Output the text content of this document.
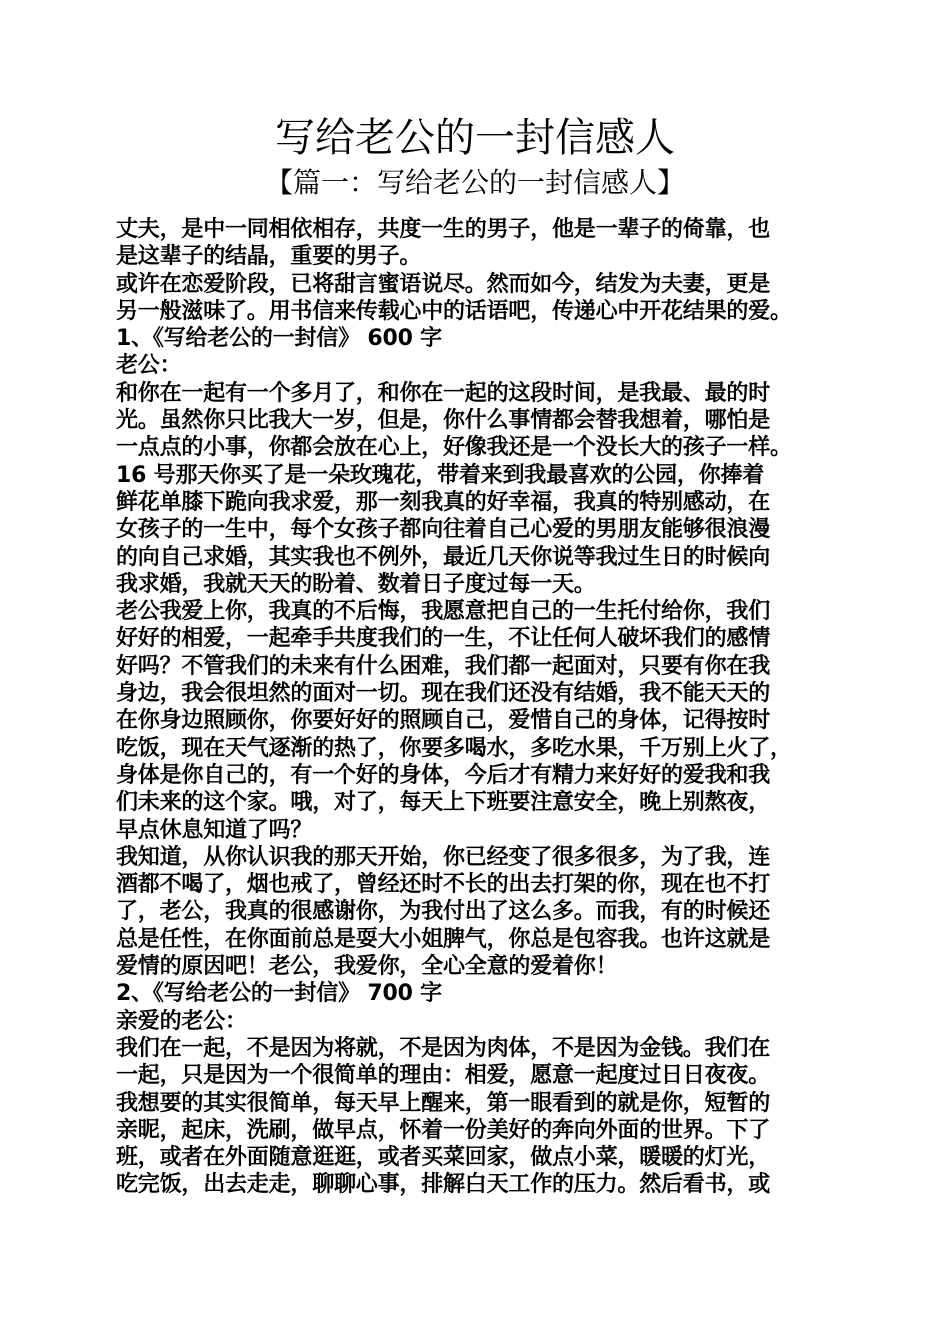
写给老公的一封信感人
【篇一：写给老公的一封信感人】
丈夫，是中一同相依相存，共度一生的男子，他是一辈子的倚靠，也
是这辈子的结晶，重要的男子。
或许在恋爱阶段，已将甜言蜜语说尽。然而如今，结发为夫妻，更是
另一般滋味了。用书信来传载心中的话语吧，传递心中开花结果的爱。
1、《写给老公的一封信》 600 字
老公：
和你在一起有一个多月了，和你在一起的这段时间，是我最、最的时
光。虽然你只比我大一岁，但是，你什么事情都会替我想着，哪怕是
一点点的小事，你都会放在心上，好像我还是一个没长大的孩子一样。
16 号那天你买了是一朵玫瑰花，带着来到我最喜欢的公园，你捧着
鲜花单膝下跪向我求爱，那一刻我真的好幸福，我真的特别感动，在
女孩子的一生中，每个女孩子都向往着自己心爱的男朋友能够很浪漫
的向自己求婚，其实我也不例外，最近几天你说等我过生日的时候向
我求婚，我就天天的盼着、数着日子度过每一天。
老公我爱上你，我真的不后悔，我愿意把自己的一生托付给你，我们
好好的相爱，一起牵手共度我们的一生，不让任何人破坏我们的感情
好吗？不管我们的未来有什么困难，我们都一起面对，只要有你在我
身边，我会很坦然的面对一切。现在我们还没有结婚，我不能天天的
在你身边照顾你，你要好好的照顾自己，爱惜自己的身体，记得按时
吃饭，现在天气逐渐的热了，你要多喝水，多吃水果，千万别上火了，
身体是你自己的，有一个好的身体，今后才有精力来好好的爱我和我
们未来的这个家。哦，对了，每天上下班要注意安全，晚上别熬夜，
早点休息知道了吗？
我知道，从你认识我的那天开始，你已经变了很多很多，为了我，连
酒都不喝了，烟也戒了，曾经还时不长的出去打架的你，现在也不打
了，老公，我真的很感谢你，为我付出了这么多。而我，有的时候还
总是任性，在你面前总是耍大小姐脾气，你总是包容我。也许这就是
爱情的原因吧！老公，我爱你，全心全意的爱着你！
2、《写给老公的一封信》 700 字
亲爱的老公：
我们在一起，不是因为将就，不是因为肉体，不是因为金钱。我们在
一起，只是因为一个很简单的理由：相爱，愿意一起度过日日夜夜。
我想要的其实很简单，每天早上醒来，第一眼看到的就是你，短暂的
亲昵，起床，洗刷，做早点，怀着一份美好的奔向外面的世界。下了
班，或者在外面随意逛逛，或者买菜回家，做点小菜，暖暖的灯光，
吃完饭，出去走走，聊聊心事，排解白天工作的压力。然后看书，或
